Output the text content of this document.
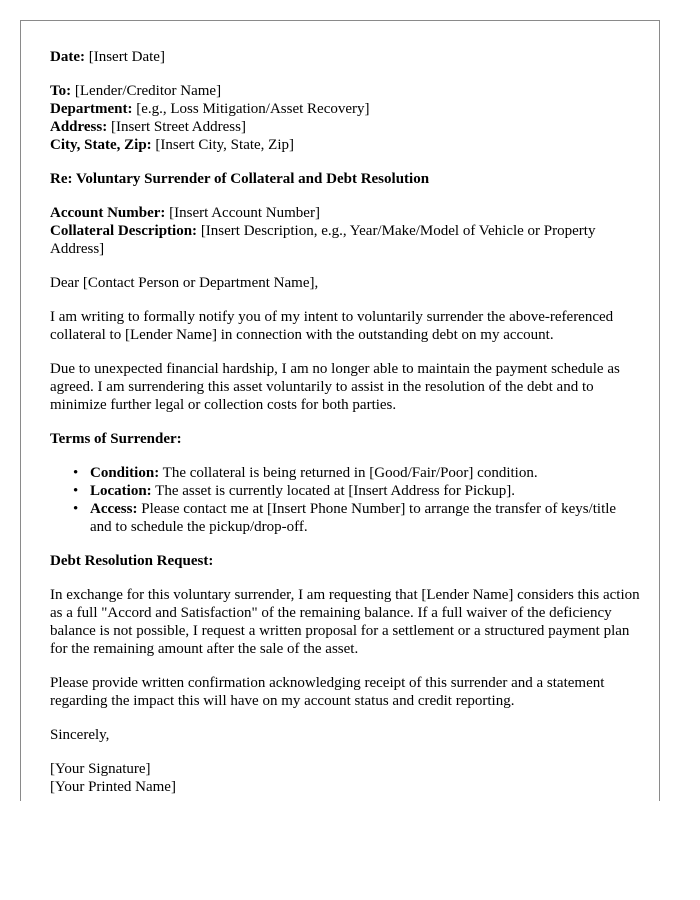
Date: [Insert Date]

To: [Lender/Creditor Name]
Department: [e.g., Loss Mitigation/Asset Recovery]
Address: [Insert Street Address]
City, State, Zip: [Insert City, State, Zip]

Re: Voluntary Surrender of Collateral and Debt Resolution

Account Number: [Insert Account Number]
Collateral Description: [Insert Description, e.g., Year/Make/Model of Vehicle or Property Address]

Dear [Contact Person or Department Name],

I am writing to formally notify you of my intent to voluntarily surrender the above-referenced collateral to [Lender Name] in connection with the outstanding debt on my account.

Due to unexpected financial hardship, I am no longer able to maintain the payment schedule as agreed. I am surrendering this asset voluntarily to assist in the resolution of the debt and to minimize further legal or collection costs for both parties.

Terms of Surrender:

• Condition: The collateral is being returned in [Good/Fair/Poor] condition.
• Location: The asset is currently located at [Insert Address for Pickup].
• Access: Please contact me at [Insert Phone Number] to arrange the transfer of keys/title and to schedule the pickup/drop-off.

Debt Resolution Request:

In exchange for this voluntary surrender, I am requesting that [Lender Name] considers this action as a full "Accord and Satisfaction" of the remaining balance. If a full waiver of the deficiency balance is not possible, I request a written proposal for a settlement or a structured payment plan for the remaining amount after the sale of the asset.

Please provide written confirmation acknowledging receipt of this surrender and a statement regarding the impact this will have on my account status and credit reporting.

Sincerely,

[Your Signature]
[Your Printed Name]
